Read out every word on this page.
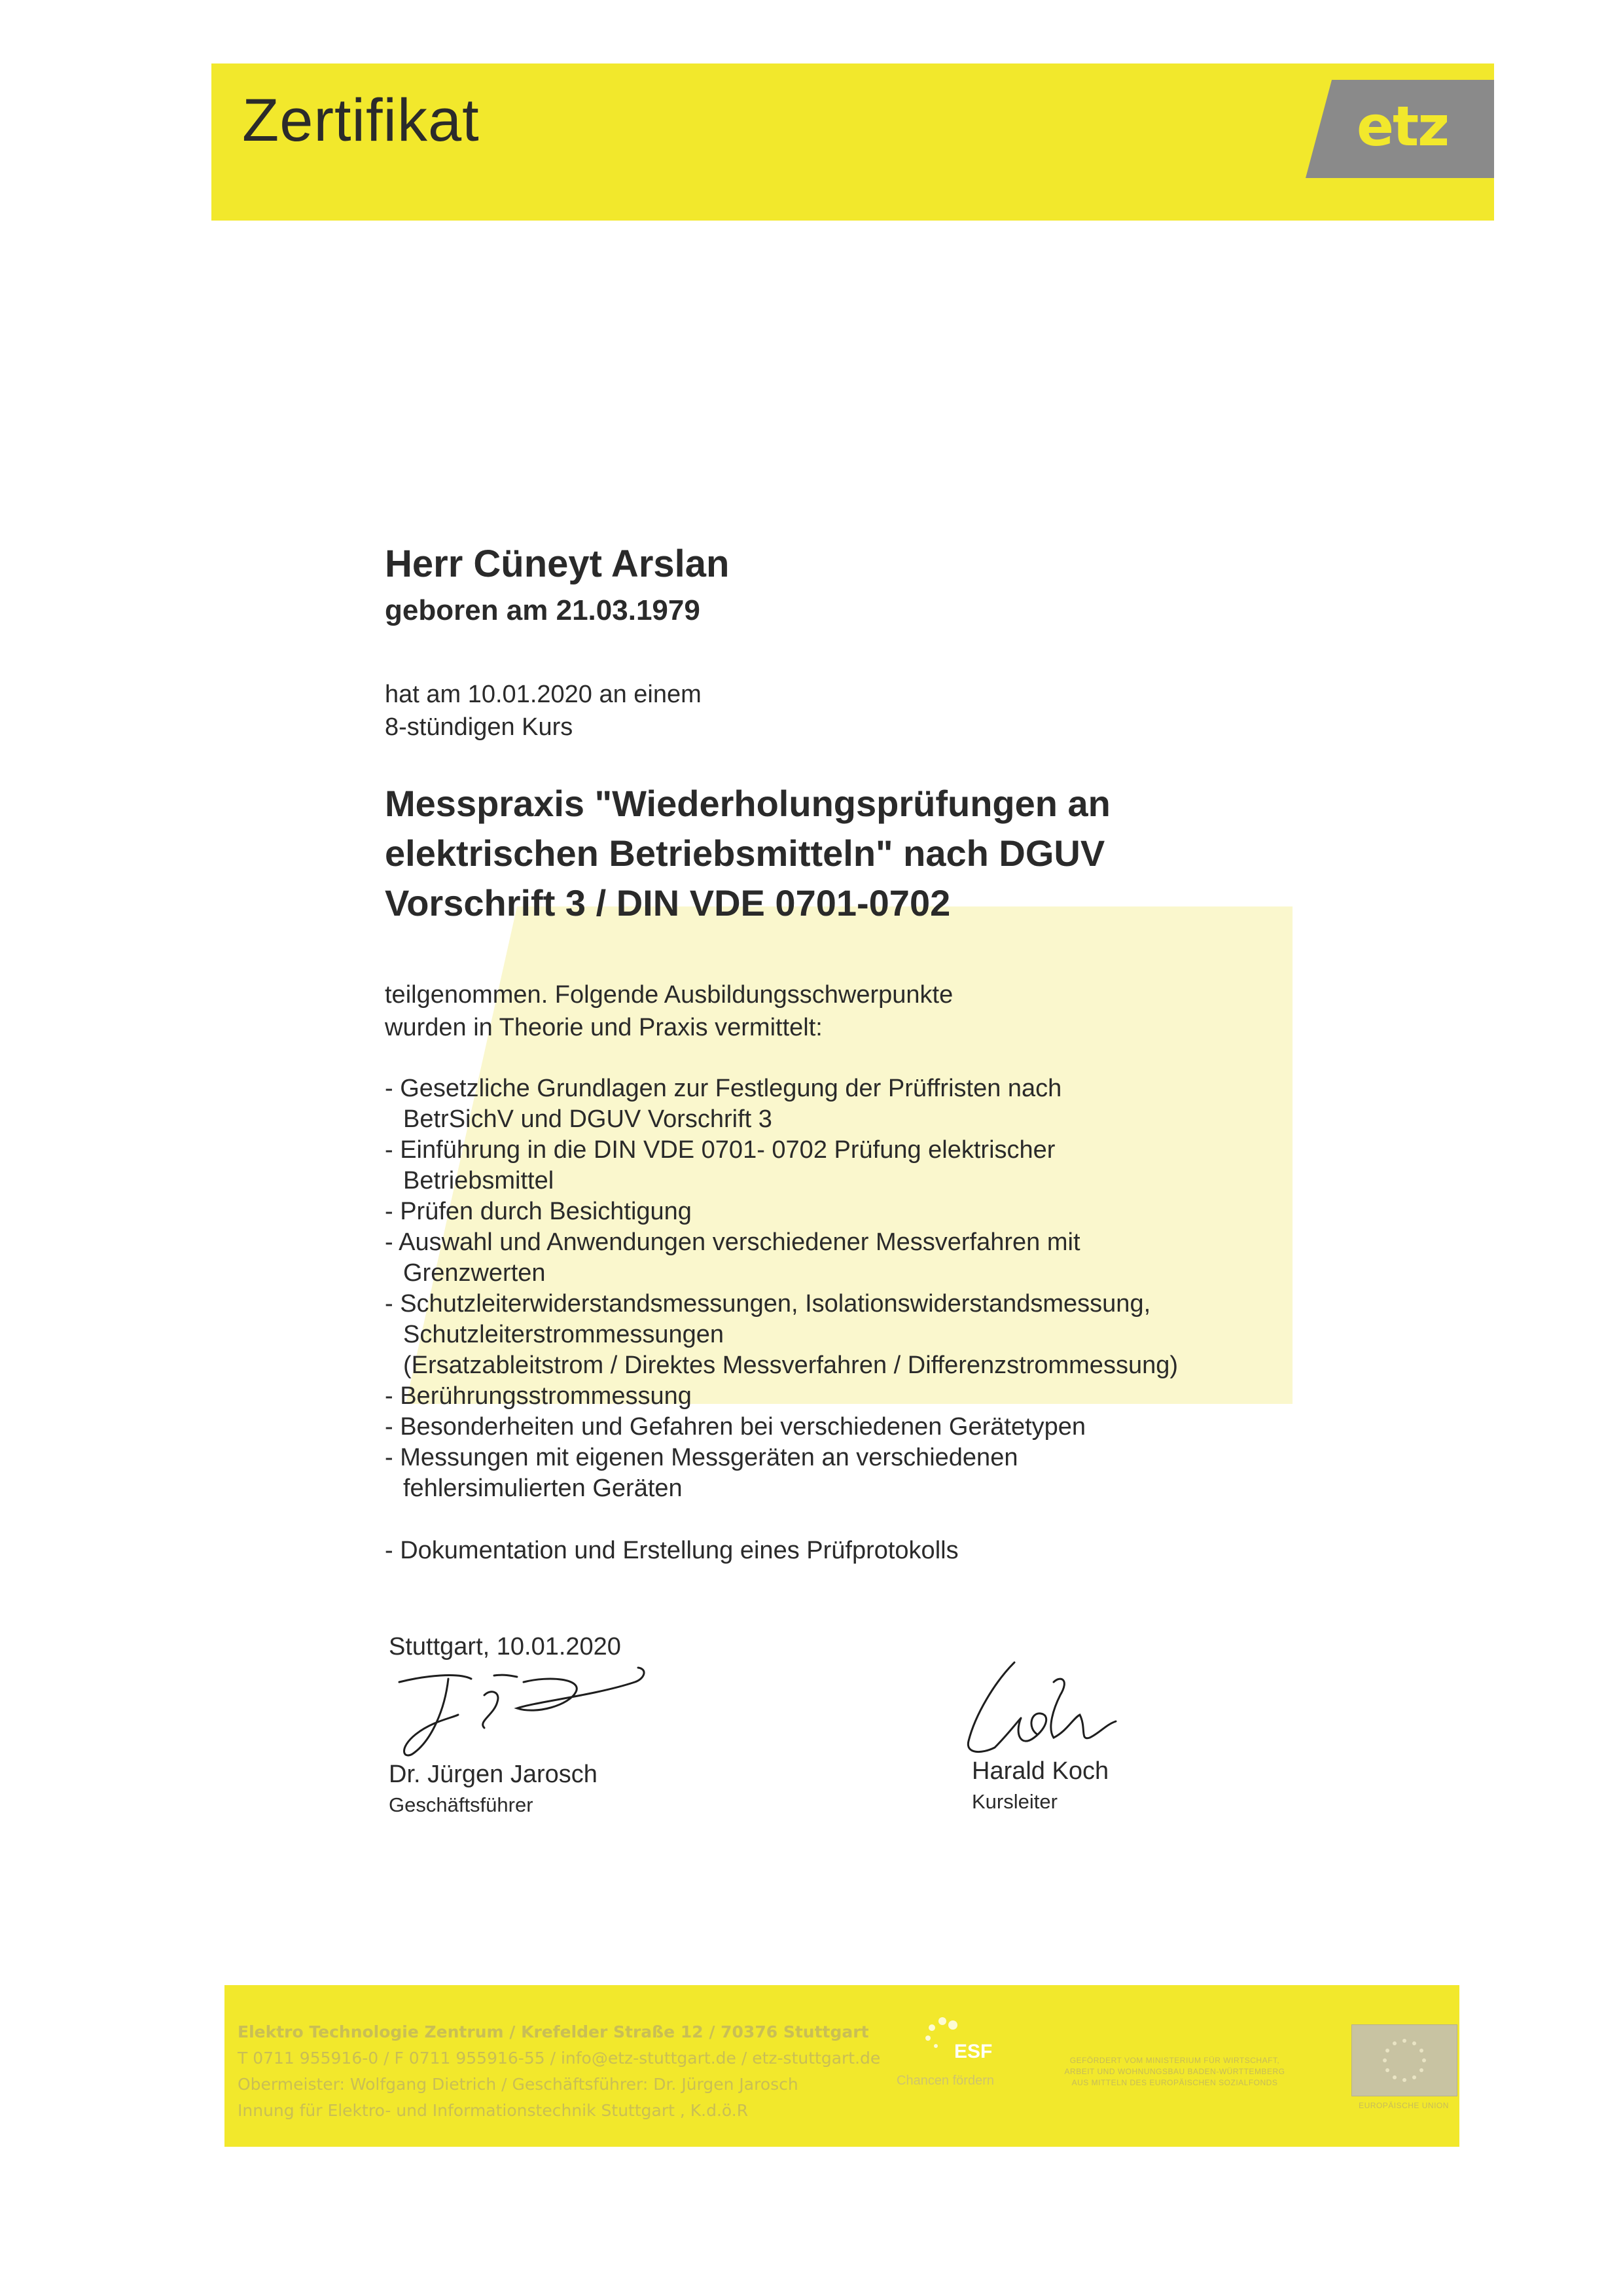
Zertifikat	etz
Herr Cüneyt Arslan
geboren am 21.03.1979
hat am 10.01.2020 an einem
8-stündigen Kurs
Messpraxis "Wiederholungsprüfungen an
elektrischen Betriebsmitteln" nach DGUV
Vorschrift 3 / DIN VDE 0701-0702
teilgenommen. Folgende Ausbildungsschwerpunkte
wurden in Theorie und Praxis vermittelt:
- Gesetzliche Grundlagen zur Festlegung der Prüffristen nach
BetrSichV und DGUV Vorschrift 3
- Einführung in die DIN VDE 0701- 0702 Prüfung elektrischer
Betriebsmittel
- Prüfen durch Besichtigung
- Auswahl und Anwendungen verschiedener Messverfahren mit
Grenzwerten
- Schutzleiterwiderstandsmessungen, Isolationswiderstandsmessung,
Schutzleiterstrommessungen
(Ersatzableitstrom / Direktes Messverfahren / Differenzstrommessung)
- Berührungsstrommessung
- Besonderheiten und Gefahren bei verschiedenen Gerätetypen
- Messungen mit eigenen Messgeräten an verschiedenen
fehlersimulierten Geräten
- Dokumentation und Erstellung eines Prüfprotokolls
Stuttgart, 10.01.2020
Dr. Jürgen Jarosch
Geschäftsführer
Harald Koch
Kursleiter
Elektro Technologie Zentrum / Krefelder Straße 12 / 70376 Stuttgart
T 0711 955916-0 / F 0711 955916-55 / info@etz-stuttgart.de / etz-stuttgart.de
Obermeister: Wolfgang Dietrich / Geschäftsführer: Dr. Jürgen Jarosch
Innung für Elektro- und Informationstechnik Stuttgart , K.d.ö.R
ESF
Chancen fördern
GEFÖRDERT VOM MINISTERIUM FÜR WIRTSCHAFT,
ARBEIT UND WOHNUNGSBAU BADEN-WÜRTTEMBERG
AUS MITTELN DES EUROPÄISCHEN SOZIALFONDS
EUROPÄISCHE UNION
